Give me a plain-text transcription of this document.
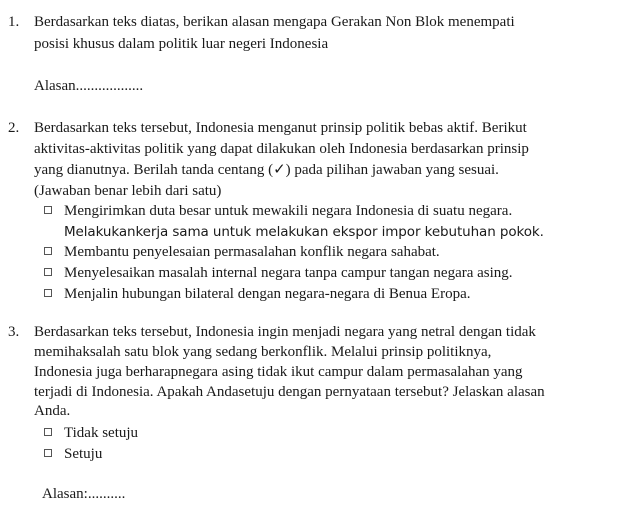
1. Berdasarkan teks diatas, berikan alasan mengapa Gerakan Non Blok menempati
posisi khusus dalam politik luar negeri Indonesia
Alasan..................
2. Berdasarkan teks tersebut, Indonesia menganut prinsip politik bebas aktif. Berikut
aktivitas-aktivitas politik yang dapat dilakukan oleh Indonesia berdasarkan prinsip
yang dianutnya. Berilah tanda centang (✓) pada pilihan jawaban yang sesuai.
(Jawaban benar lebih dari satu)
Mengirimkan duta besar untuk mewakili negara Indonesia di suatu negara.
Melakukankerja sama untuk melakukan ekspor impor kebutuhan pokok.
Membantu penyelesaian permasalahan konflik negara sahabat.
Menyelesaikan masalah internal negara tanpa campur tangan negara asing.
Menjalin hubungan bilateral dengan negara-negara di Benua Eropa.
3. Berdasarkan teks tersebut, Indonesia ingin menjadi negara yang netral dengan tidak
memihaksalah satu blok yang sedang berkonflik. Melalui prinsip politiknya,
Indonesia juga berharapnegara asing tidak ikut campur dalam permasalahan yang
terjadi di Indonesia. Apakah Andasetuju dengan pernyataan tersebut? Jelaskan alasan
Anda.
Tidak setuju
Setuju
Alasan:..........
